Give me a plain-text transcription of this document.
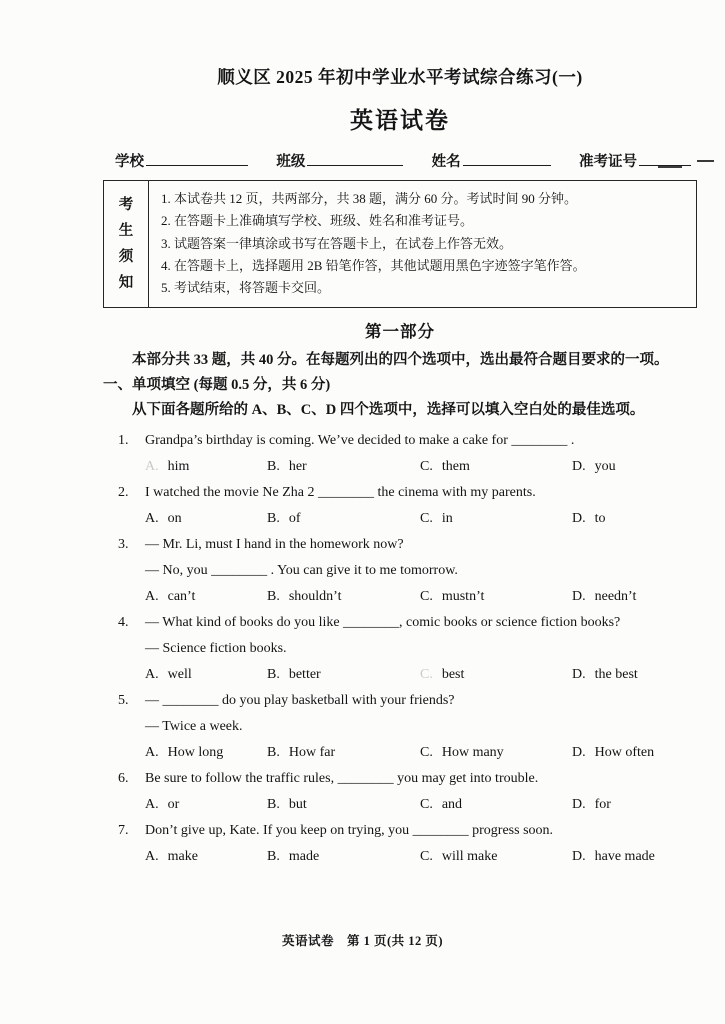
顺义区 2025 年初中学业水平考试综合练习(一)
英语试卷
学校	班级	姓名	准考证号
考生须知

1. 本试卷共 12 页，共两部分，共 38 题，满分 60 分。考试时间 90 分钟。

2. 在答题卡上准确填写学校、班级、姓名和准考证号。

3. 试题答案一律填涂或书写在答题卡上，在试卷上作答无效。

4. 在答题卡上，选择题用 2B 铅笔作答，其他试题用黑色字迹签字笔作答。

5. 考试结束，将答题卡交回。

第一部分

本部分共 33 题，共 40 分。在每题列出的四个选项中，选出最符合题目要求的一项。

一、单项填空 (每题 0.5 分，共 6 分)

从下面各题所给的 A、B、C、D 四个选项中，选择可以填入空白处的最佳选项。

1.	Grandpa’s birthday is coming. We’ve decided to make a cake for ________ .

A. him	B. her	C. them	D. you
2.	I watched the movie Ne Zha 2 ________ the cinema with my parents.

A. on	B. of	C. in	D. to
3.	— Mr. Li, must I hand in the homework now?

— No, you ________ . You can give it to me tomorrow.

A. can’t	B. shouldn’t	C. mustn’t	D. needn’t
4.	— What kind of books do you like ________, comic books or science fiction books?

— Science fiction books.

A. well	B. better	C. best	D. the best
5.	— ________ do you play basketball with your friends?

— Twice a week.

A. How long	B. How far	C. How many	D. How often
6.	Be sure to follow the traffic rules, ________ you may get into trouble.

A. or	B. but	C. and	D. for
7.	Don’t give up, Kate. If you keep on trying, you ________ progress soon.

A. make	B. made	C. will make	D. have made
英语试卷　第 1 页(共 12 页)
